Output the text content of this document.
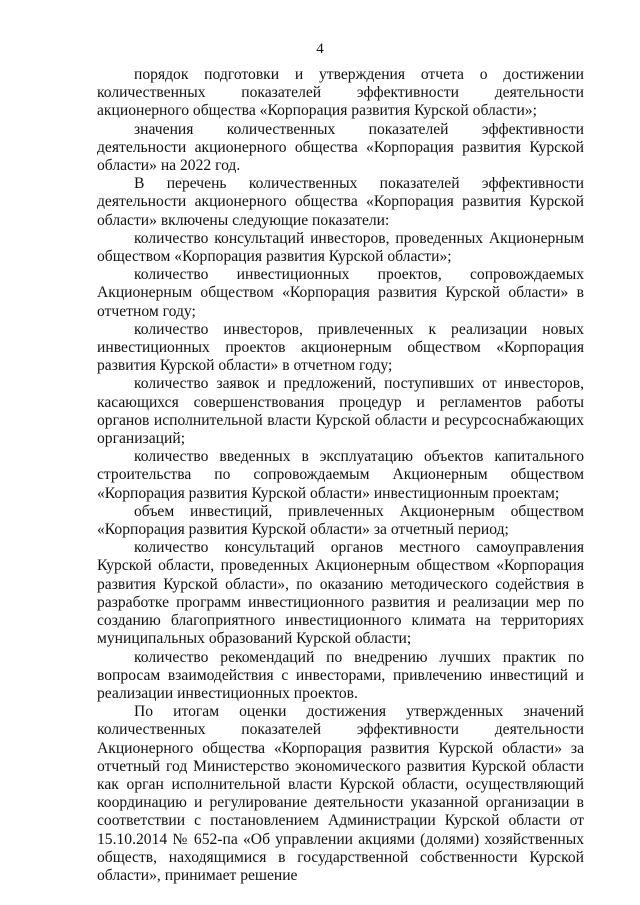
4

порядок подготовки и утверждения отчета о достижении количественных показателей эффективности деятельности акционерного общества «Корпорация развития Курской области»;

значения количественных показателей эффективности деятельности акционерного общества «Корпорация развития Курской области» на 2022 год.

В перечень количественных показателей эффективности деятельности акционерного общества «Корпорация развития Курской области» включены следующие показатели:

количество консультаций инвесторов, проведенных Акционерным обществом «Корпорация развития Курской области»;

количество инвестиционных проектов, сопровождаемых Акционерным обществом «Корпорация развития Курской области» в отчетном году;

количество инвесторов, привлеченных к реализации новых инвестиционных проектов акционерным обществом «Корпорация развития Курской области» в отчетном году;

количество заявок и предложений, поступивших от инвесторов, касающихся совершенствования процедур и регламентов работы органов исполнительной власти Курской области и ресурсоснабжающих организаций;

количество введенных в эксплуатацию объектов капитального строительства по сопровождаемым Акционерным обществом «Корпорация развития Курской области» инвестиционным проектам;

объем инвестиций, привлеченных Акционерным обществом «Корпорация развития Курской области» за отчетный период;

количество консультаций органов местного самоуправления Курской области, проведенных Акционерным обществом «Корпорация развития Курской области», по оказанию методического содействия в разработке программ инвестиционного развития и реализации мер по созданию благоприятного инвестиционного климата на территориях муниципальных образований Курской области;

количество рекомендаций по внедрению лучших практик по вопросам взаимодействия с инвесторами, привлечению инвестиций и реализации инвестиционных проектов.

По итогам оценки достижения утвержденных значений количественных показателей эффективности деятельности Акционерного общества «Корпорация развития Курской области» за отчетный год Министерство экономического развития Курской области как орган исполнительной власти Курской области, осуществляющий координацию и регулирование деятельности указанной организации в соответствии с постановлением Администрации Курской области от 15.10.2014 № 652-па «Об управлении акциями (долями) хозяйственных обществ, находящимися в государственной собственности Курской области», принимает решение
